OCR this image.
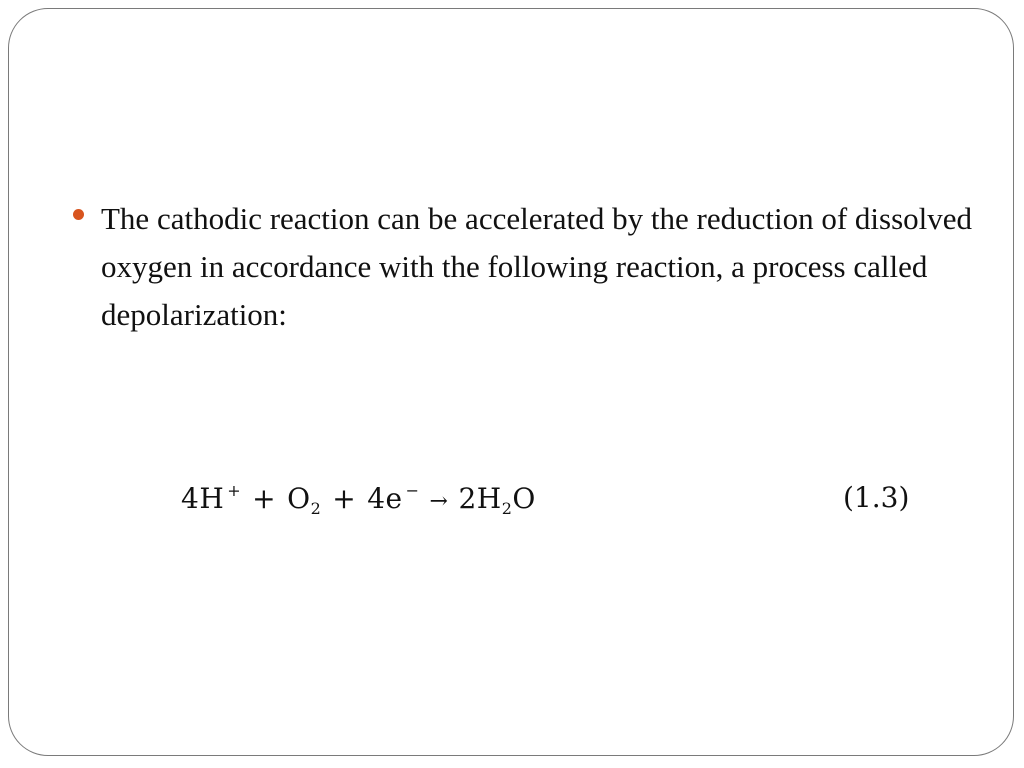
The cathodic reaction can be accelerated by the reduction of dissolved oxygen in accordance with the following reaction, a process called depolarization:
4H $^+ + O_2 + 4e$ $^- \to 2H_2O$	(1.3)
